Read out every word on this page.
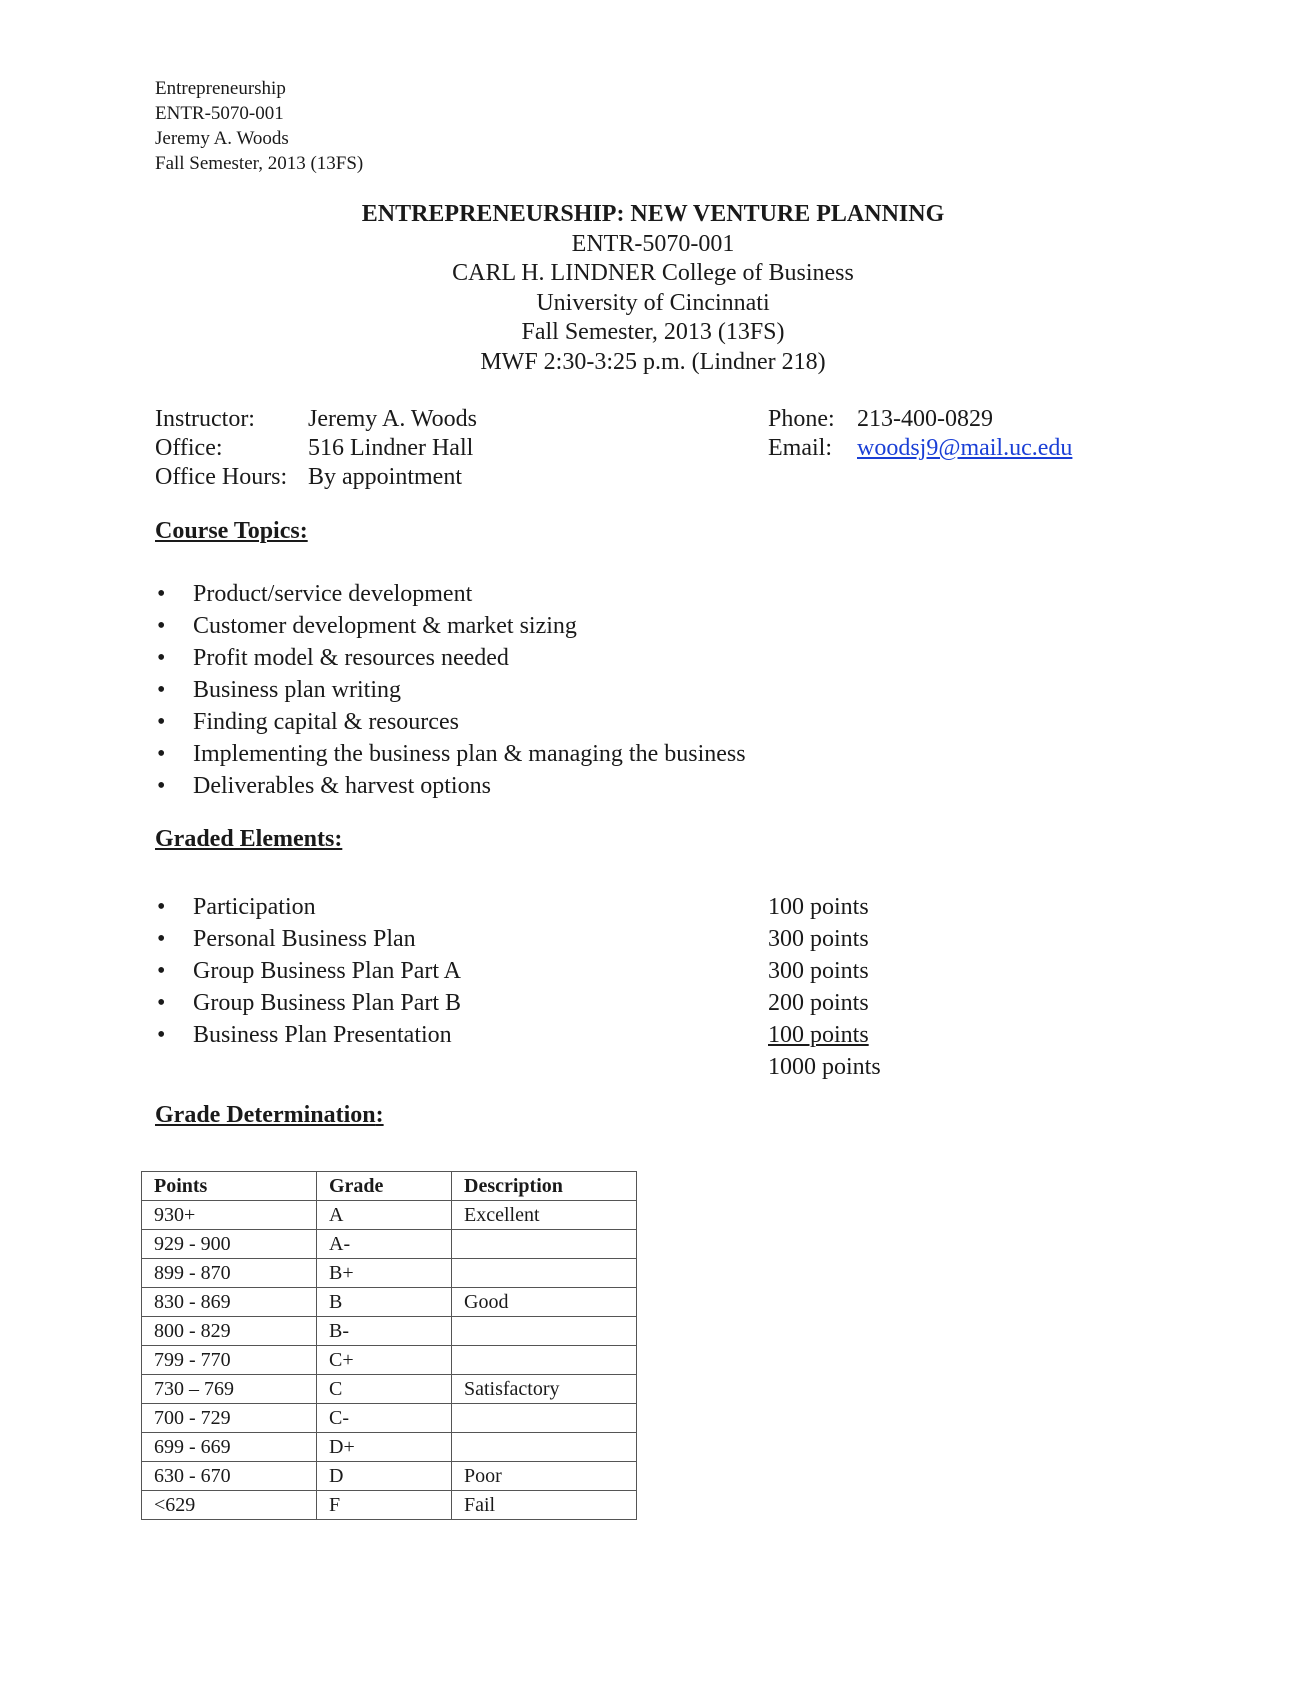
Entrepreneurship
ENTR-5070-001
Jeremy A. Woods
Fall Semester, 2013 (13FS)
ENTREPRENEURSHIP: NEW VENTURE PLANNING
ENTR-5070-001
CARL H. LINDNER College of Business
University of Cincinnati
Fall Semester, 2013 (13FS)
MWF 2:30-3:25 p.m. (Lindner 218)
Instructor:	Jeremy A. Woods
Office:	516 Lindner Hall
Office Hours: By appointment
Phone: 213-400-0829
Email:	woodsj9@mail.uc.edu
Course Topics:
• Product/service development
• Customer development & market sizing
• Profit model & resources needed
• Business plan writing
• Finding capital & resources
• Implementing the business plan & managing the business
• Deliverables & harvest options
Graded Elements:
• Participation	100 points
• Personal Business Plan	300 points
• Group Business Plan Part A	300 points
• Group Business Plan Part B	200 points
• Business Plan Presentation	100 points
1000 points
Grade Determination:
Points	Grade	Description
930+	A	Excellent
929 - 900	A-	
899 - 870	B+	
830 - 869	B	Good
800 - 829	B-	
799 - 770	C+	
730 – 769	C	Satisfactory
700 - 729	C-	
699 - 669	D+	
630 - 670	D	Poor
<629	F	Fail
